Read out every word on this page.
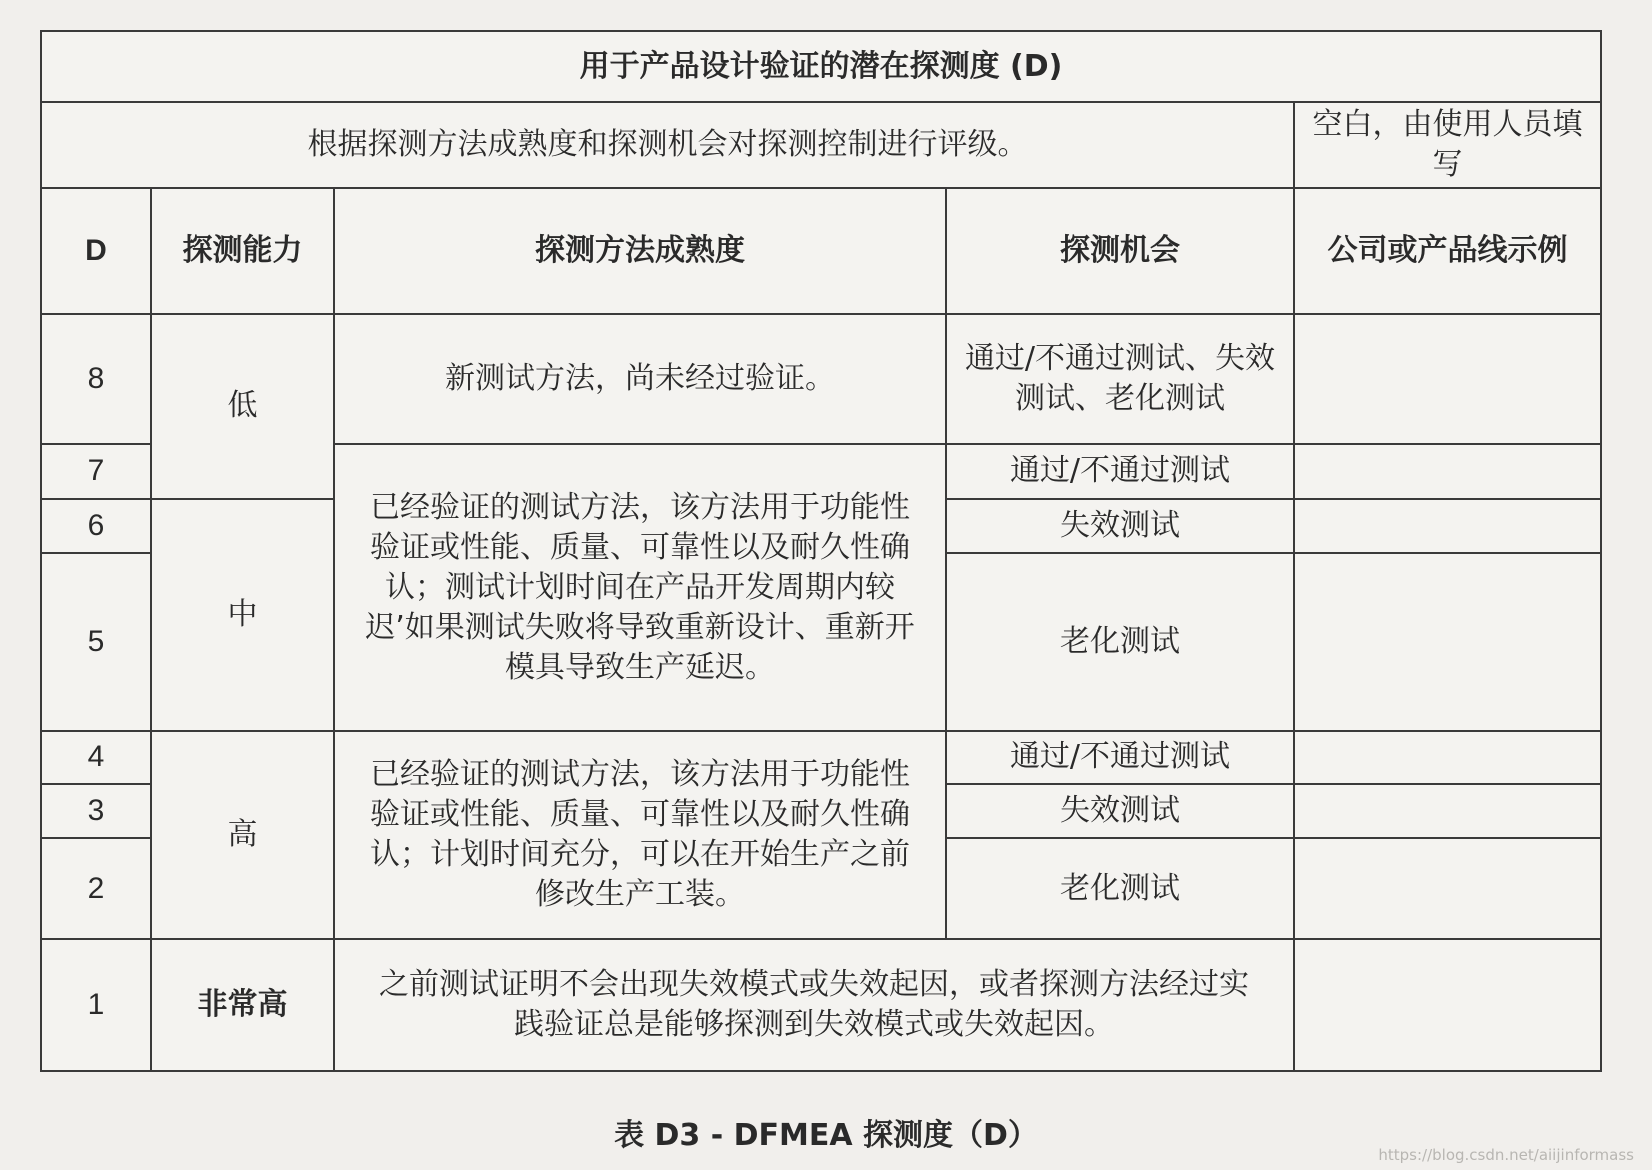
用于产品设计验证的潜在探测度 (D)				
根据探测方法成熟度和探测机会对探测控制进行评级。				空白，由使用人员填写
D	探测能力	探测方法成熟度	探测机会	公司或产品线示例
8	低	新测试方法，尚未经过验证。	通过/不通过测试、失效测试、老化测试	
7		已经验证的测试方法，该方法用于功能性验证或性能、质量、可靠性以及耐久性确认；测试计划时间在产品开发周期内较迟’如果测试失败将导致重新设计、重新开模具导致生产延迟。	通过/不通过测试	
6	中		失效测试	
5			老化测试	
4	高	已经验证的测试方法，该方法用于功能性验证或性能、质量、可靠性以及耐久性确认；计划时间充分，可以在开始生产之前修改生产工装。	通过/不通过测试	
3			失效测试	
2			老化测试	
1	非常高	之前测试证明不会出现失效模式或失效起因，或者探测方法经过实践验证总是能够探测到失效模式或失效起因。		
表 D3 - DFMEA 探测度（D）
https://blog.csdn.net/aiijinformass
